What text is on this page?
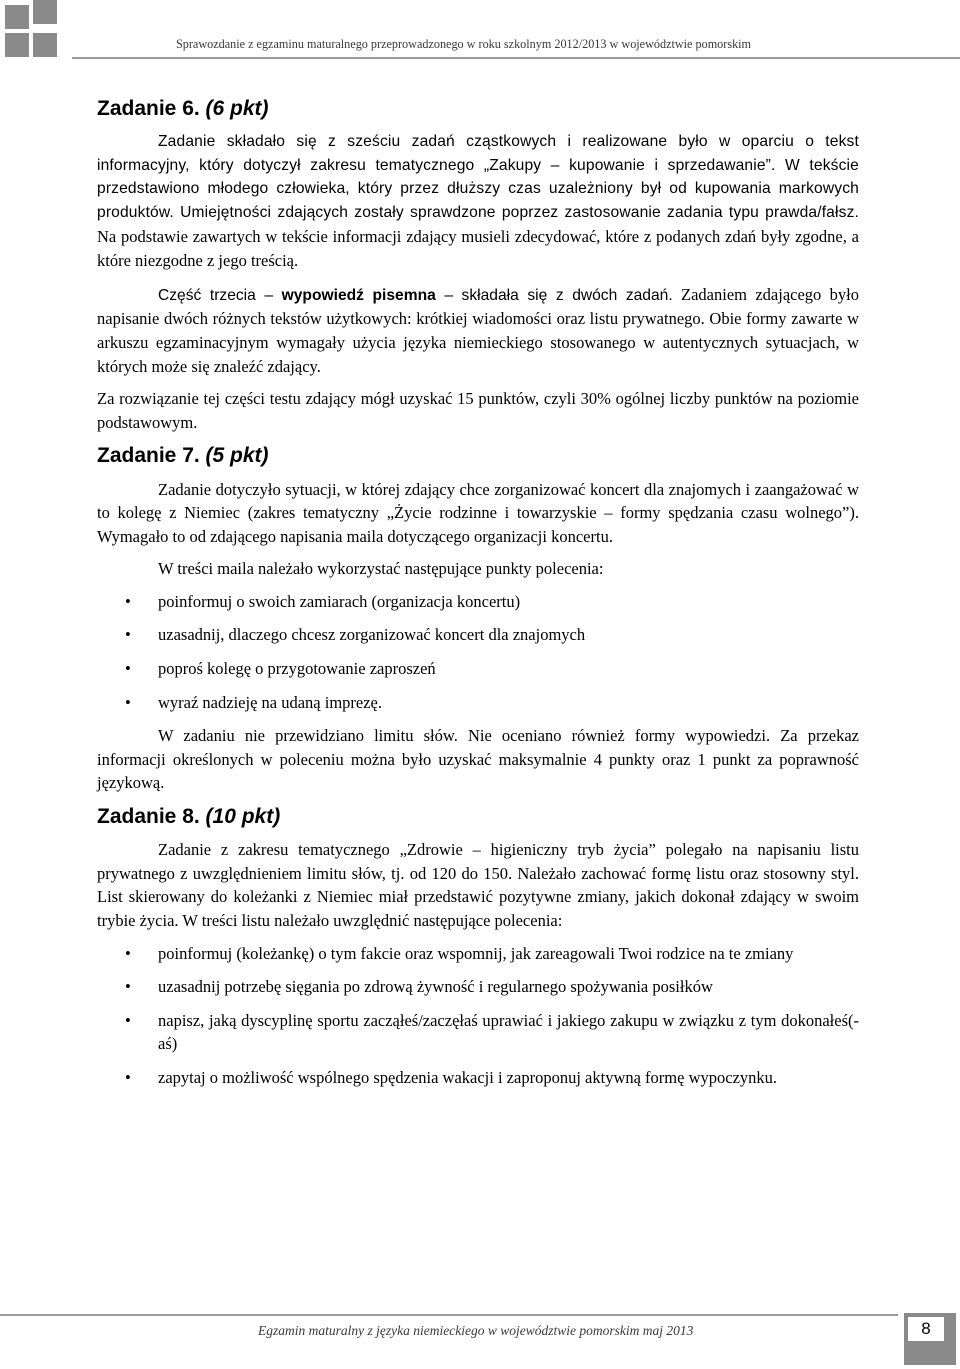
Sprawozdanie z egzaminu maturalnego przeprowadzonego w roku szkolnym 2012/2013 w województwie pomorskim
Zadanie 6. (6 pkt)

Zadanie składało się z sześciu zadań cząstkowych i realizowane było w oparciu o tekst informacyjny, który dotyczył zakresu tematycznego „Zakupy – kupowanie i sprzedawanie”. W tekście przedstawiono młodego człowieka, który przez dłuższy czas uzależniony był od kupowania markowych produktów. Umiejętności zdających zostały sprawdzone poprzez zastosowanie zadania typu prawda/fałsz. Na podstawie zawartych w tekście informacji zdający musieli zdecydować, które z podanych zdań były zgodne, a które niezgodne z jego treścią.

Część trzecia – wypowiedź pisemna – składała się z dwóch zadań. Zadaniem zdającego było napisanie dwóch różnych tekstów użytkowych: krótkiej wiadomości oraz listu prywatnego. Obie formy zawarte w arkuszu egzaminacyjnym wymagały użycia języka niemieckiego stosowanego w autentycznych sytuacjach, w których może się znaleźć zdający.

Za rozwiązanie tej części testu zdający mógł uzyskać 15 punktów, czyli 30% ogólnej liczby punktów na poziomie podstawowym.

Zadanie 7. (5 pkt)

Zadanie dotyczyło sytuacji, w której zdający chce zorganizować koncert dla znajomych i zaangażować w to kolegę z Niemiec (zakres tematyczny „Życie rodzinne i towarzyskie – formy spędzania czasu wolnego”). Wymagało to od zdającego napisania maila dotyczącego organizacji koncertu.

W treści maila należało wykorzystać następujące punkty polecenia:

• poinformuj o swoich zamiarach (organizacja koncertu)
• uzasadnij, dlaczego chcesz zorganizować koncert dla znajomych
• poproś kolegę o przygotowanie zaproszeń
• wyraź nadzieję na udaną imprezę.

W zadaniu nie przewidziano limitu słów. Nie oceniano również formy wypowiedzi. Za przekaz informacji określonych w poleceniu można było uzyskać maksymalnie 4 punkty oraz 1 punkt za poprawność językową.

Zadanie 8. (10 pkt)

Zadanie z zakresu tematycznego „Zdrowie – higieniczny tryb życia” polegało na napisaniu listu prywatnego z uwzględnieniem limitu słów, tj. od 120 do 150. Należało zachować formę listu oraz stosowny styl. List skierowany do koleżanki z Niemiec miał przedstawić pozytywne zmiany, jakich dokonał zdający w swoim trybie życia. W treści listu należało uwzględnić następujące polecenia:

• poinformuj (koleżankę) o tym fakcie oraz wspomnij, jak zareagowali Twoi rodzice na te zmiany
• uzasadnij potrzebę sięgania po zdrową żywność i regularnego spożywania posiłków
• napisz, jaką dyscyplinę sportu zacząłeś/zaczęłaś uprawiać i jakiego zakupu w związku z tym dokonałeś(-aś)
• zapytaj o możliwość wspólnego spędzenia wakacji i zaproponuj aktywną formę wypoczynku.
Egzamin maturalny z języka niemieckiego w województwie pomorskim maj 2013	8
